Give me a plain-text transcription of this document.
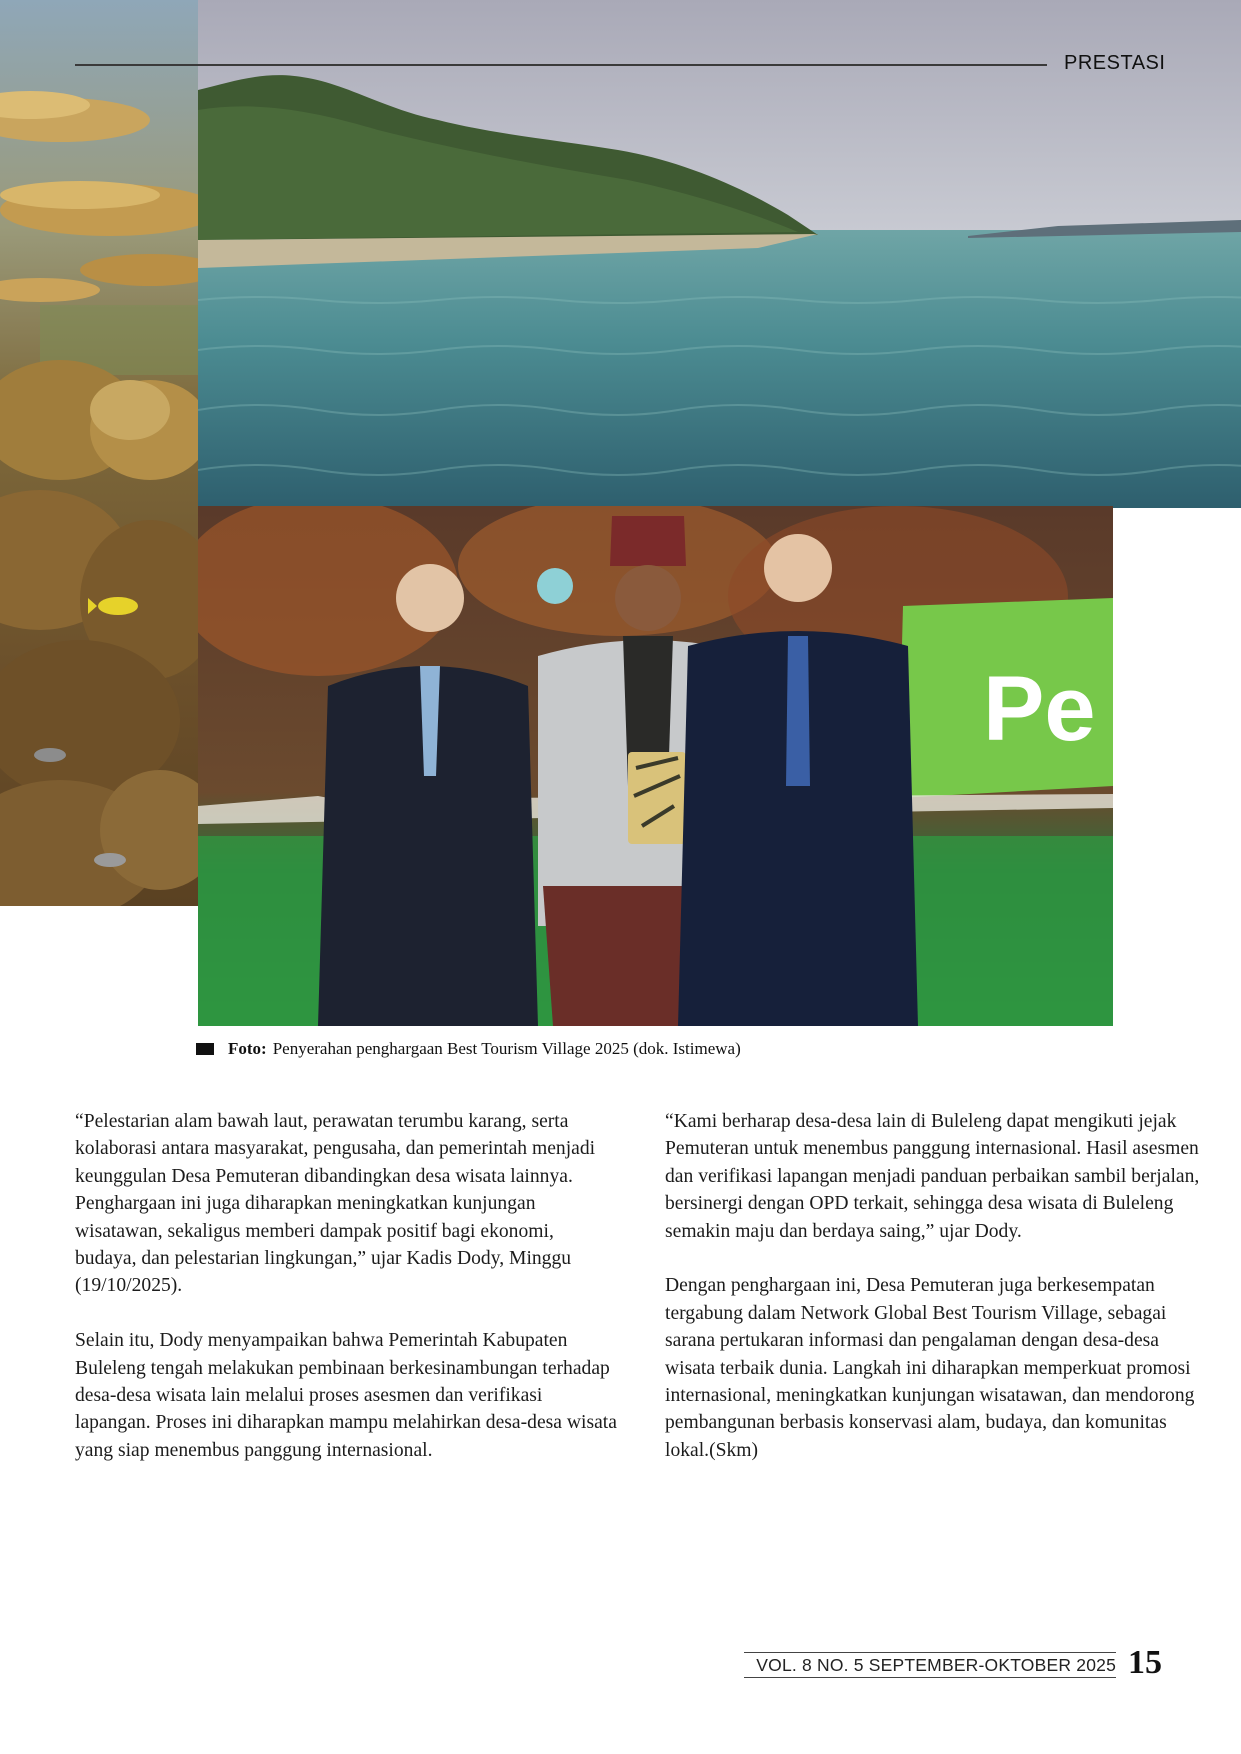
PRESTASI
Pe
Foto: Penyerahan penghargaan Best Tourism Village 2025 (dok. Istimewa)

“Pelestarian alam bawah laut, perawatan terumbu karang, serta kolaborasi antara masyarakat, pengusaha, dan pemerintah menjadi keunggulan Desa Pemuteran dibandingkan desa wisata lainnya. Penghargaan ini juga diharapkan meningkatkan kunjungan wisatawan, sekaligus memberi dampak positif bagi ekonomi, budaya, dan pelestarian lingkungan,” ujar Kadis Dody, Minggu (19/10/2025).

Selain itu, Dody menyampaikan bahwa Pemerintah Kabupaten Buleleng tengah melakukan pembinaan berkesinambungan terhadap desa-desa wisata lain melalui proses asesmen dan verifikasi lapangan. Proses ini diharapkan mampu melahirkan desa-desa wisata yang siap menembus panggung internasional.

“Kami berharap desa-desa lain di Buleleng dapat mengikuti jejak Pemuteran untuk menembus panggung internasional. Hasil asesmen dan verifikasi lapangan menjadi panduan perbaikan sambil berjalan, bersinergi dengan OPD terkait, sehingga desa wisata di Buleleng semakin maju dan berdaya saing,” ujar Dody.

Dengan penghargaan ini, Desa Pemuteran juga berkesempatan tergabung dalam Network Global Best Tourism Village, sebagai sarana pertukaran informasi dan pengalaman dengan desa-desa wisata terbaik dunia. Langkah ini diharapkan memperkuat promosi internasional, meningkatkan kunjungan wisatawan, dan mendorong pembangunan berbasis konservasi alam, budaya, dan komunitas lokal.(Skm)

VOL. 8 NO. 5 SEPTEMBER-OKTOBER 2025 15
